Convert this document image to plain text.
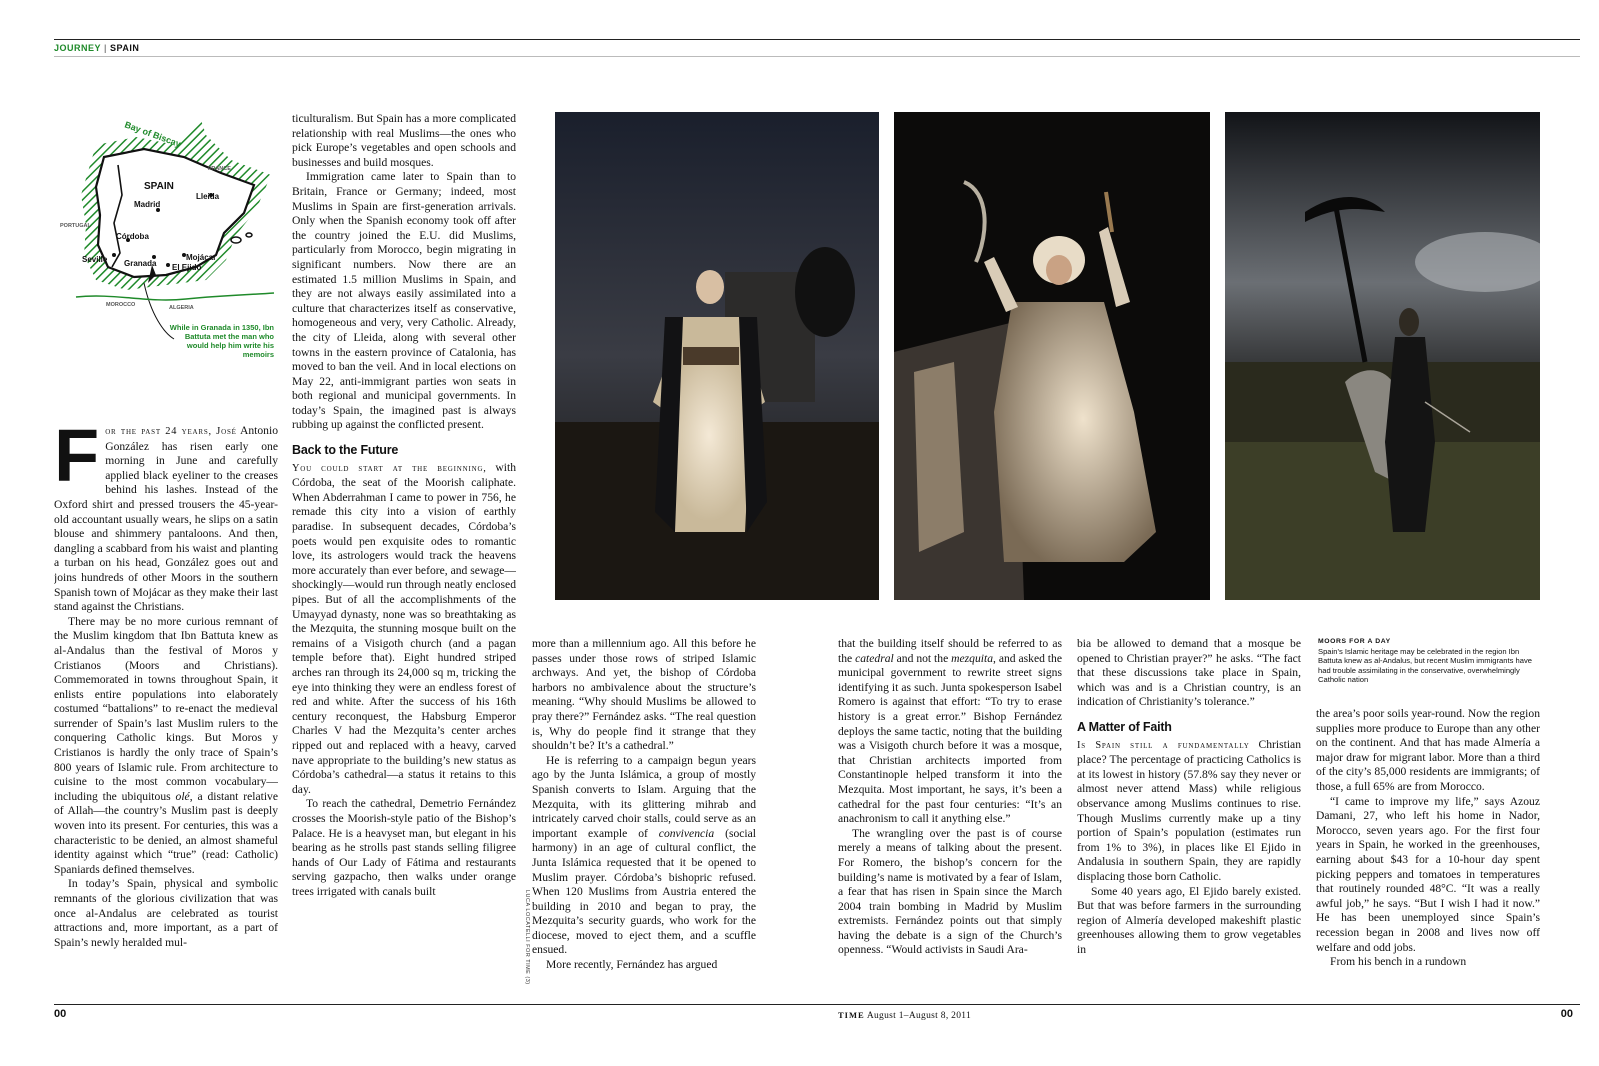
JOURNEY | SPAIN
Bay of Biscay
FRANCE
SPAIN
PORTUGAL
Madrid
Lleida
Córdoba
Seville Granada
Mojácar
El Ejido
MOROCCO	ALGERIA
While in Granada in 1350, Ibn Battuta met the man who would help him write his memoirs
F or the past 24 years, José Antonio González has risen early one morning in June and carefully applied black eyeliner to the creases behind his lashes. Instead of the Oxford shirt and pressed trousers the 45-year-old accountant usually wears, he slips on a satin blouse and shimmery pantaloons. And then, dangling a scabbard from his waist and planting a turban on his head, González goes out and joins hundreds of other Moors in the southern Spanish town of Mojácar as they make their last stand against the Christians.

There may be no more curious remnant of the Muslim kingdom that Ibn Battuta knew as al-Andalus than the festival of Moros y Cristianos (Moors and Christians). Commemorated in towns throughout Spain, it enlists entire populations into elaborately costumed “battalions” to re-enact the medieval surrender of Spain’s last Muslim rulers to the conquering Catholic kings. But Moros y Cristianos is hardly the only trace of Spain’s 800 years of Islamic rule. From architecture to cuisine to the most common vocabulary—including the ubiquitous olé, a distant relative of Allah—the country’s Muslim past is deeply woven into its present. For centuries, this was a characteristic to be denied, an almost shameful identity against which “true” (read: Catholic) Spaniards defined themselves.

In today’s Spain, physical and symbolic remnants of the glorious civilization that was once al-Andalus are celebrated as tourist attractions and, more important, as a part of Spain’s newly heralded mul-

ticulturalism. But Spain has a more complicated relationship with real Muslims—the ones who pick Europe’s vegetables and open schools and businesses and build mosques.

Immigration came later to Spain than to Britain, France or Germany; indeed, most Muslims in Spain are first-generation arrivals. Only when the Spanish economy took off after the country joined the E.U. did Muslims, particularly from Morocco, begin migrating in significant numbers. Now there are an estimated 1.5 million Muslims in Spain, and they are not always easily assimilated into a culture that characterizes itself as conservative, homogeneous and very, very Catholic. Already, the city of Lleida, along with several other towns in the eastern province of Catalonia, has moved to ban the veil. And in local elections on May 22, anti-immigrant parties won seats in both regional and municipal governments. In today’s Spain, the imagined past is always rubbing up against the conflicted present.

Back to the Future

You could start at the beginning, with Córdoba, the seat of the Moorish caliphate. When Abderrahman I came to power in 756, he remade this city into a vision of earthly paradise. In subsequent decades, Córdoba’s poets would pen exquisite odes to romantic love, its astrologers would track the heavens more accurately than ever before, and sewage—shockingly—would run through neatly enclosed pipes. But of all the accomplishments of the Umayyad dynasty, none was so breathtaking as the Mezquita, the stunning mosque built on the remains of a Visigoth church (and a pagan temple before that). Eight hundred striped arches ran through its 24,000 sq m, tricking the eye into thinking they were an endless forest of red and white. After the success of his 16th century reconquest, the Habsburg Emperor Charles V had the Mezquita’s center arches ripped out and replaced with a heavy, carved nave appropriate to the building’s new status as Córdoba’s cathedral—a status it retains to this day.

To reach the cathedral, Demetrio Fernández crosses the Moorish-style patio of the Bishop’s Palace. He is a heavyset man, but elegant in his bearing as he strolls past stands selling filigree hands of Our Lady of Fátima and restaurants serving gazpacho, then walks under orange trees irrigated with canals built	LUCA LOCATELLI FOR TIME (3)

more than a millennium ago. All this before he passes under those rows of striped Islamic archways. And yet, the bishop of Córdoba harbors no ambivalence about the structure’s meaning. “Why should Muslims be allowed to pray there?” Fernández asks. “The real question is, Why do people find it strange that they shouldn’t be? It’s a cathedral.”

He is referring to a campaign begun years ago by the Junta Islámica, a group of mostly Spanish converts to Islam. Arguing that the Mezquita, with its glittering mihrab and intricately carved choir stalls, could serve as an important example of convivencia (social harmony) in an age of cultural conflict, the Junta Islámica requested that it be opened to Muslim prayer. Córdoba’s bishopric refused. When 120 Muslims from Austria entered the building in 2010 and began to pray, the Mezquita’s security guards, who work for the diocese, moved to eject them, and a scuffle ensued.

More recently, Fernández has argued

that the building itself should be referred to as the catedral and not the mezquita, and asked the municipal government to rewrite street signs identifying it as such. Junta spokesperson Isabel Romero is against that effort: “To try to erase history is a great error.” Bishop Fernández deploys the same tactic, noting that the building was a Visigoth church before it was a mosque, that Christian architects imported from Constantinople helped transform it into the Mezquita. Most important, he says, it’s been a cathedral for the past four centuries: “It’s an anachronism to call it anything else.”

The wrangling over the past is of course merely a means of talking about the present. For Romero, the bishop’s concern for the building’s name is motivated by a fear of Islam, a fear that has risen in Spain since the March 2004 train bombing in Madrid by Muslim extremists. Fernández points out that simply having the debate is a sign of the Church’s openness. “Would activists in Saudi Ara-

bia be allowed to demand that a mosque be opened to Christian prayer?” he asks. “The fact that these discussions take place in Spain, which was and is a Christian country, is an indication of Christianity’s tolerance.”

A Matter of Faith

Is Spain still a fundamentally Christian place? The percentage of practicing Catholics is at its lowest in history (57.8% say they never or almost never attend Mass) while religious observance among Muslims continues to rise. Though Muslims currently make up a tiny portion of Spain’s population (estimates run from 1% to 3%), in places like El Ejido in Andalusia in southern Spain, they are rapidly displacing those born Catholic.

Some 40 years ago, El Ejido barely existed. But that was before farmers in the surrounding region of Almería developed makeshift plastic greenhouses allowing them to grow vegetables in

MOORS FOR A DAY
Spain’s Islamic heritage may be celebrated in the region Ibn Battuta knew as al-Andalus, but recent Muslim immigrants have had trouble assimilating in the conservative, overwhelmingly Catholic nation

the area’s poor soils year-round. Now the region supplies more produce to Europe than any other on the continent. And that has made Almería a major draw for migrant labor. More than a third of the city’s 85,000 residents are immigrants; of those, a full 65% are from Morocco.

“I came to improve my life,” says Azouz Damani, 27, who left his home in Nador, Morocco, seven years ago. For the first four years in Spain, he worked in the greenhouses, earning about $43 for a 10-hour day spent picking peppers and tomatoes in temperatures that routinely rounded 48°C. “It was a really awful job,” he says. “But I wish I had it now.” He has been unemployed since Spain’s recession began in 2008 and lives now off welfare and odd jobs.

From his bench in a rundown

00	TIME August 1–August 8, 2011	00
